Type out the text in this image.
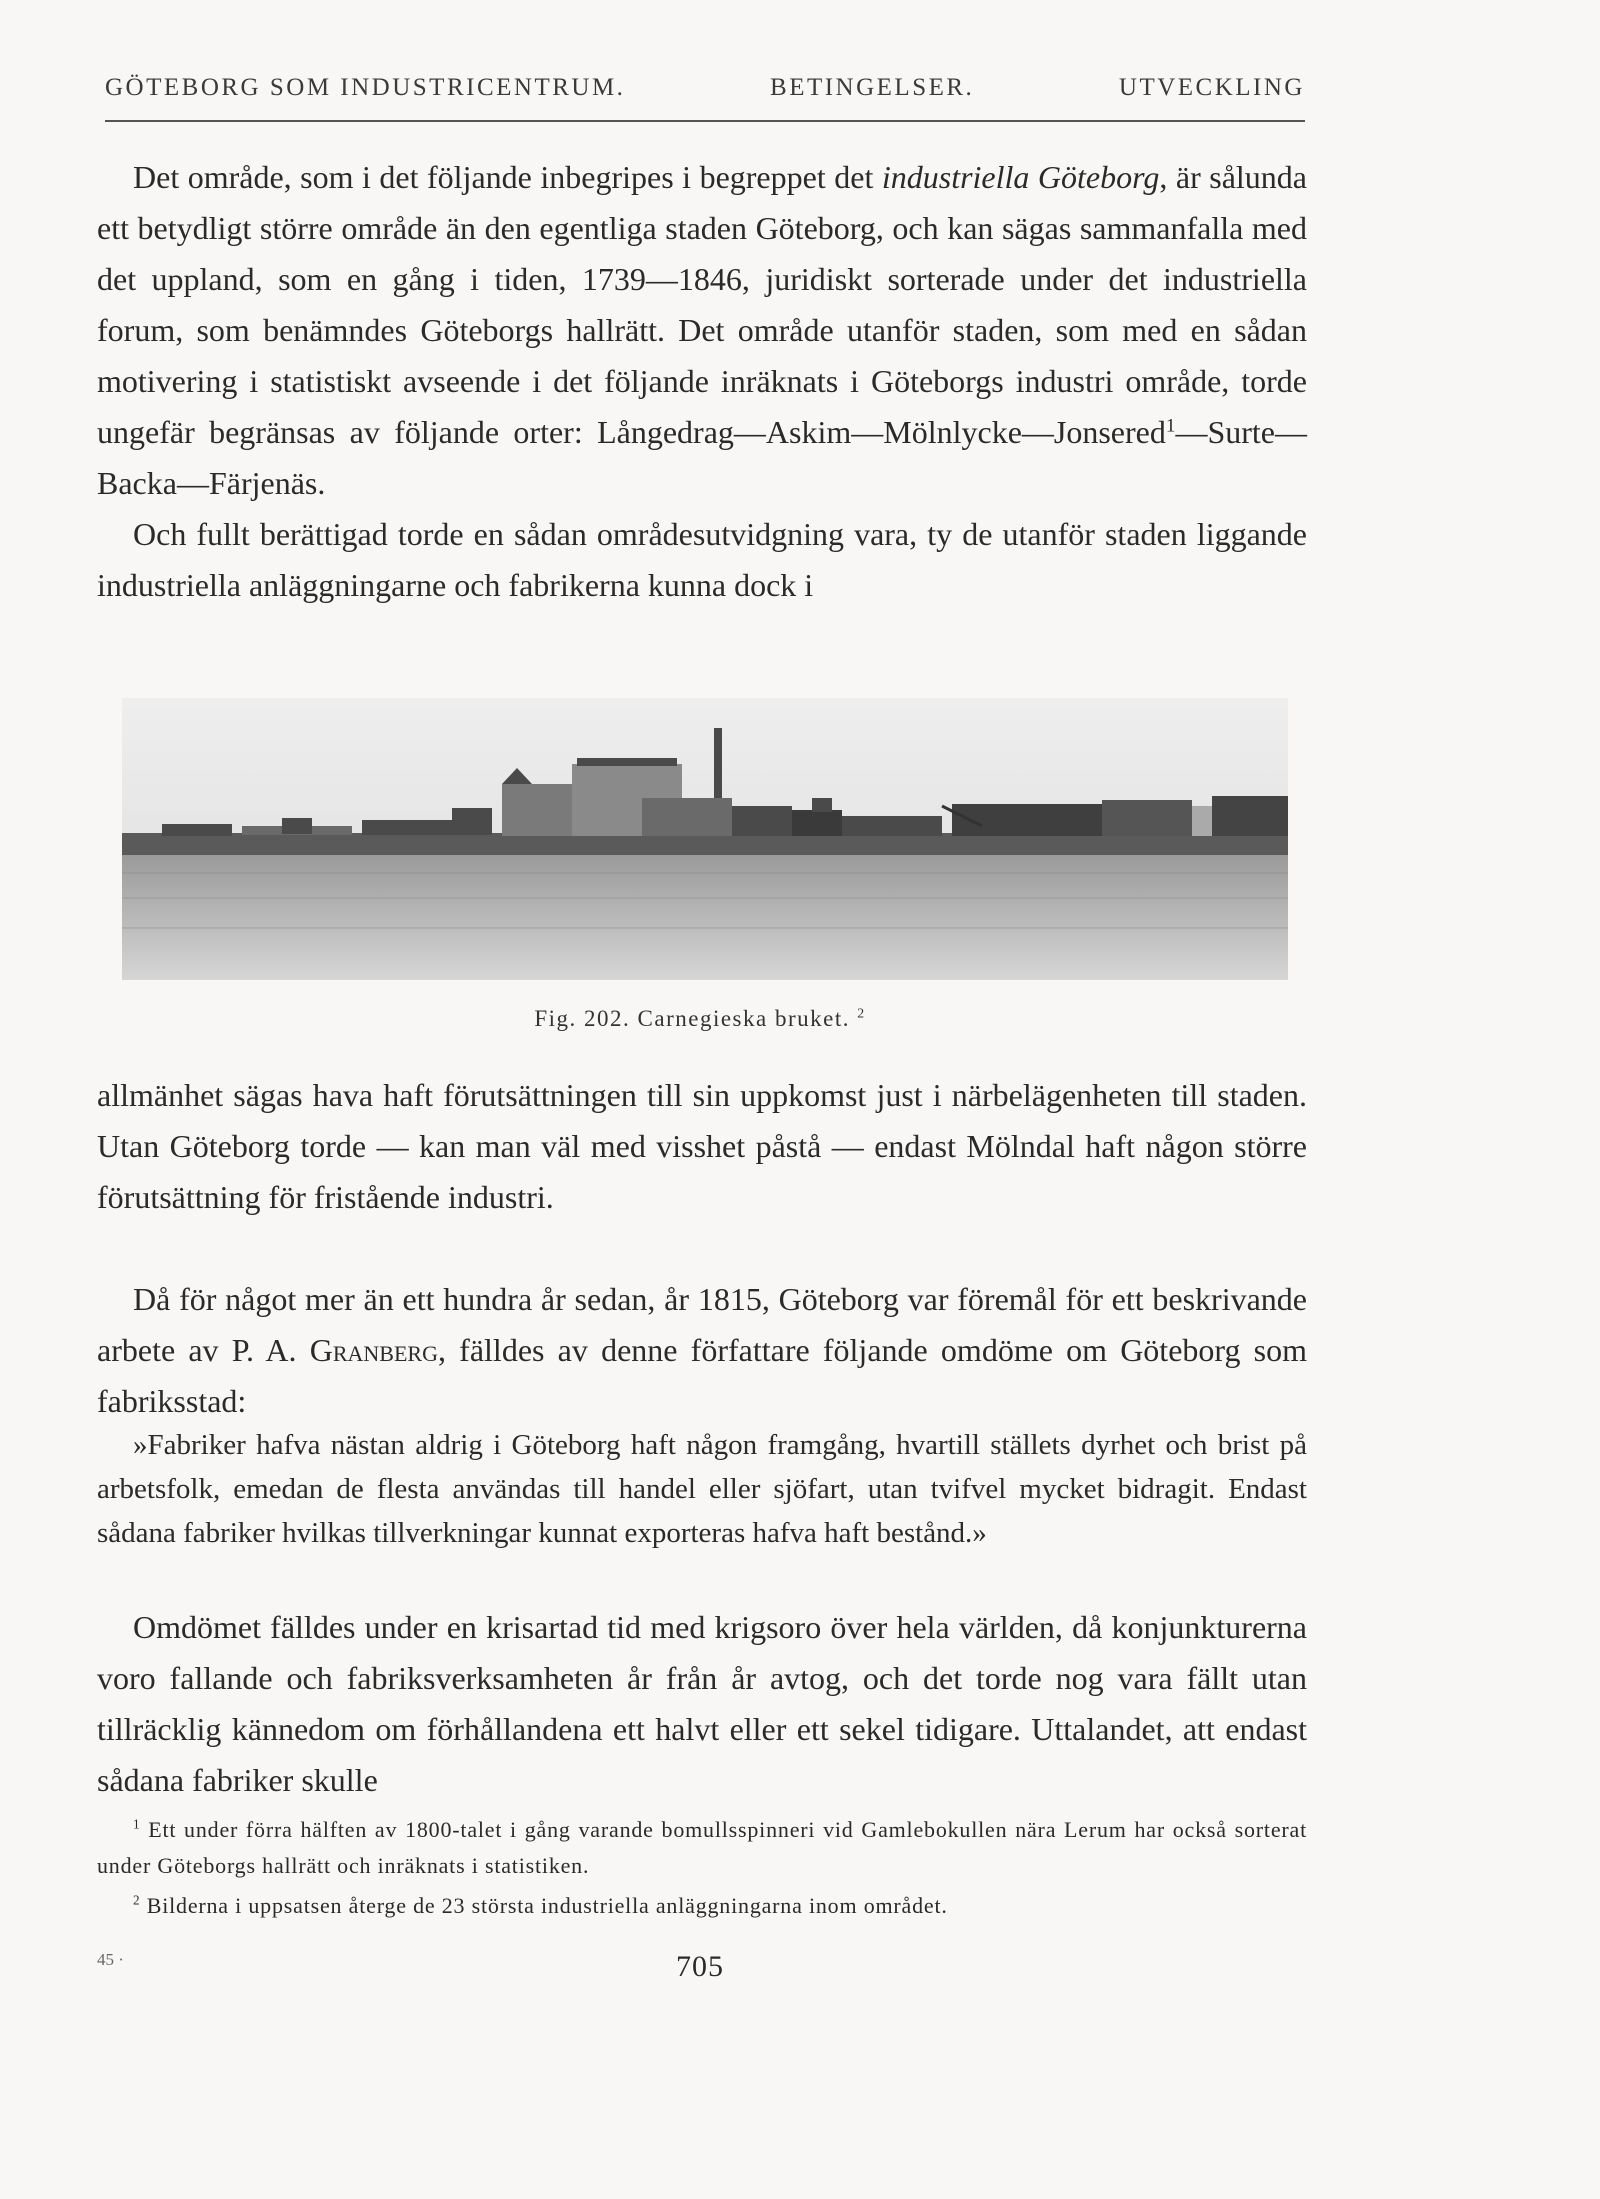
GÖTEBORG SOM INDUSTRICENTRUM.	BETINGELSER.	UTVECKLING

Det område, som i det följande inbegripes i begreppet det industriella Göteborg, är sålunda ett betydligt större område än den egentliga staden Göteborg, och kan sägas sammanfalla med det uppland, som en gång i tiden, 1739—1846, juridiskt sorterade under det industriella forum, som benämndes Göteborgs hallrätt. Det område utanför staden, som med en sådan motivering i statistiskt avseende i det följande inräknats i Göteborgs industri område, torde ungefär begränsas av följande orter: Långedrag—Askim—Mölnlycke—Jonsered$^1$—Surte—Backa—Färjenäs.

Och fullt berättigad torde en sådan områdesutvidgning vara, ty de utanför staden liggande industriella anläggningarne och fabrikerna kunna dock i

Fig. 202. Carnegieska bruket. $^2$

allmänhet sägas hava haft förutsättningen till sin uppkomst just i närbelägenheten till staden. Utan Göteborg torde — kan man väl med visshet påstå — endast Mölndal haft någon större förutsättning för fristående industri.

Då för något mer än ett hundra år sedan, år 1815, Göteborg var föremål för ett beskrivande arbete av P. A. Granberg, fälldes av denne författare följande omdöme om Göteborg som fabriksstad:

»Fabriker hafva nästan aldrig i Göteborg haft någon framgång, hvartill ställets dyrhet och brist på arbetsfolk, emedan de flesta användas till handel eller sjöfart, utan tvifvel mycket bidragit. Endast sådana fabriker hvilkas tillverkningar kunnat exporteras hafva haft bestånd.»

Omdömet fälldes under en krisartad tid med krigsoro över hela världen, då konjunkturerna voro fallande och fabriksverksamheten år från år avtog, och det torde nog vara fällt utan tillräcklig kännedom om förhållandena ett halvt eller ett sekel tidigare. Uttalandet, att endast sådana fabriker skulle

$^1$ Ett under förra hälften av 1800-talet i gång varande bomullsspinneri vid Gamlebokullen nära Lerum har också sorterat under Göteborgs hallrätt och inräknats i statistiken.

$^2$ Bilderna i uppsatsen återge de 23 största industriella anläggningarna inom området.

45 ·	705
